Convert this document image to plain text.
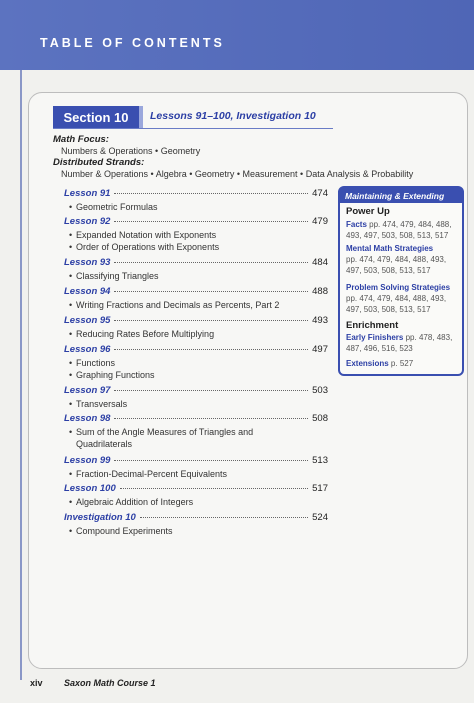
TABLE OF CONTENTS
Section 10	Lessons 91–100, Investigation 10
Math Focus:
Numbers & Operations • Geometry
Distributed Strands:
Number & Operations • Algebra • Geometry • Measurement • Data Analysis & Probability
Lesson 91	474
• Geometric Formulas
Lesson 92	479
• Expanded Notation with Exponents
• Order of Operations with Exponents
Lesson 93	484
• Classifying Triangles
Lesson 94	488
• Writing Fractions and Decimals as Percents, Part 2
Lesson 95	493
• Reducing Rates Before Multiplying
Lesson 96	497
• Functions
• Graphing Functions
Lesson 97	503
• Transversals
Lesson 98	508
• Sum of the Angle Measures of Triangles and Quadrilaterals
Lesson 99	513
• Fraction-Decimal-Percent Equivalents
Lesson 100	517
• Algebraic Addition of Integers
Investigation 10	524
• Compound Experiments
Maintaining & Extending
Power Up
Facts pp. 474, 479, 484, 488, 493, 497, 503, 508, 513, 517
Mental Math Strategies
pp. 474, 479, 484, 488, 493, 497, 503, 508, 513, 517
Problem Solving Strategies
pp. 474, 479, 484, 488, 493, 497, 503, 508, 513, 517
Enrichment
Early Finishers pp. 478, 483, 487, 496, 516, 523
Extensions p. 527
xiv Saxon Math Course 1
